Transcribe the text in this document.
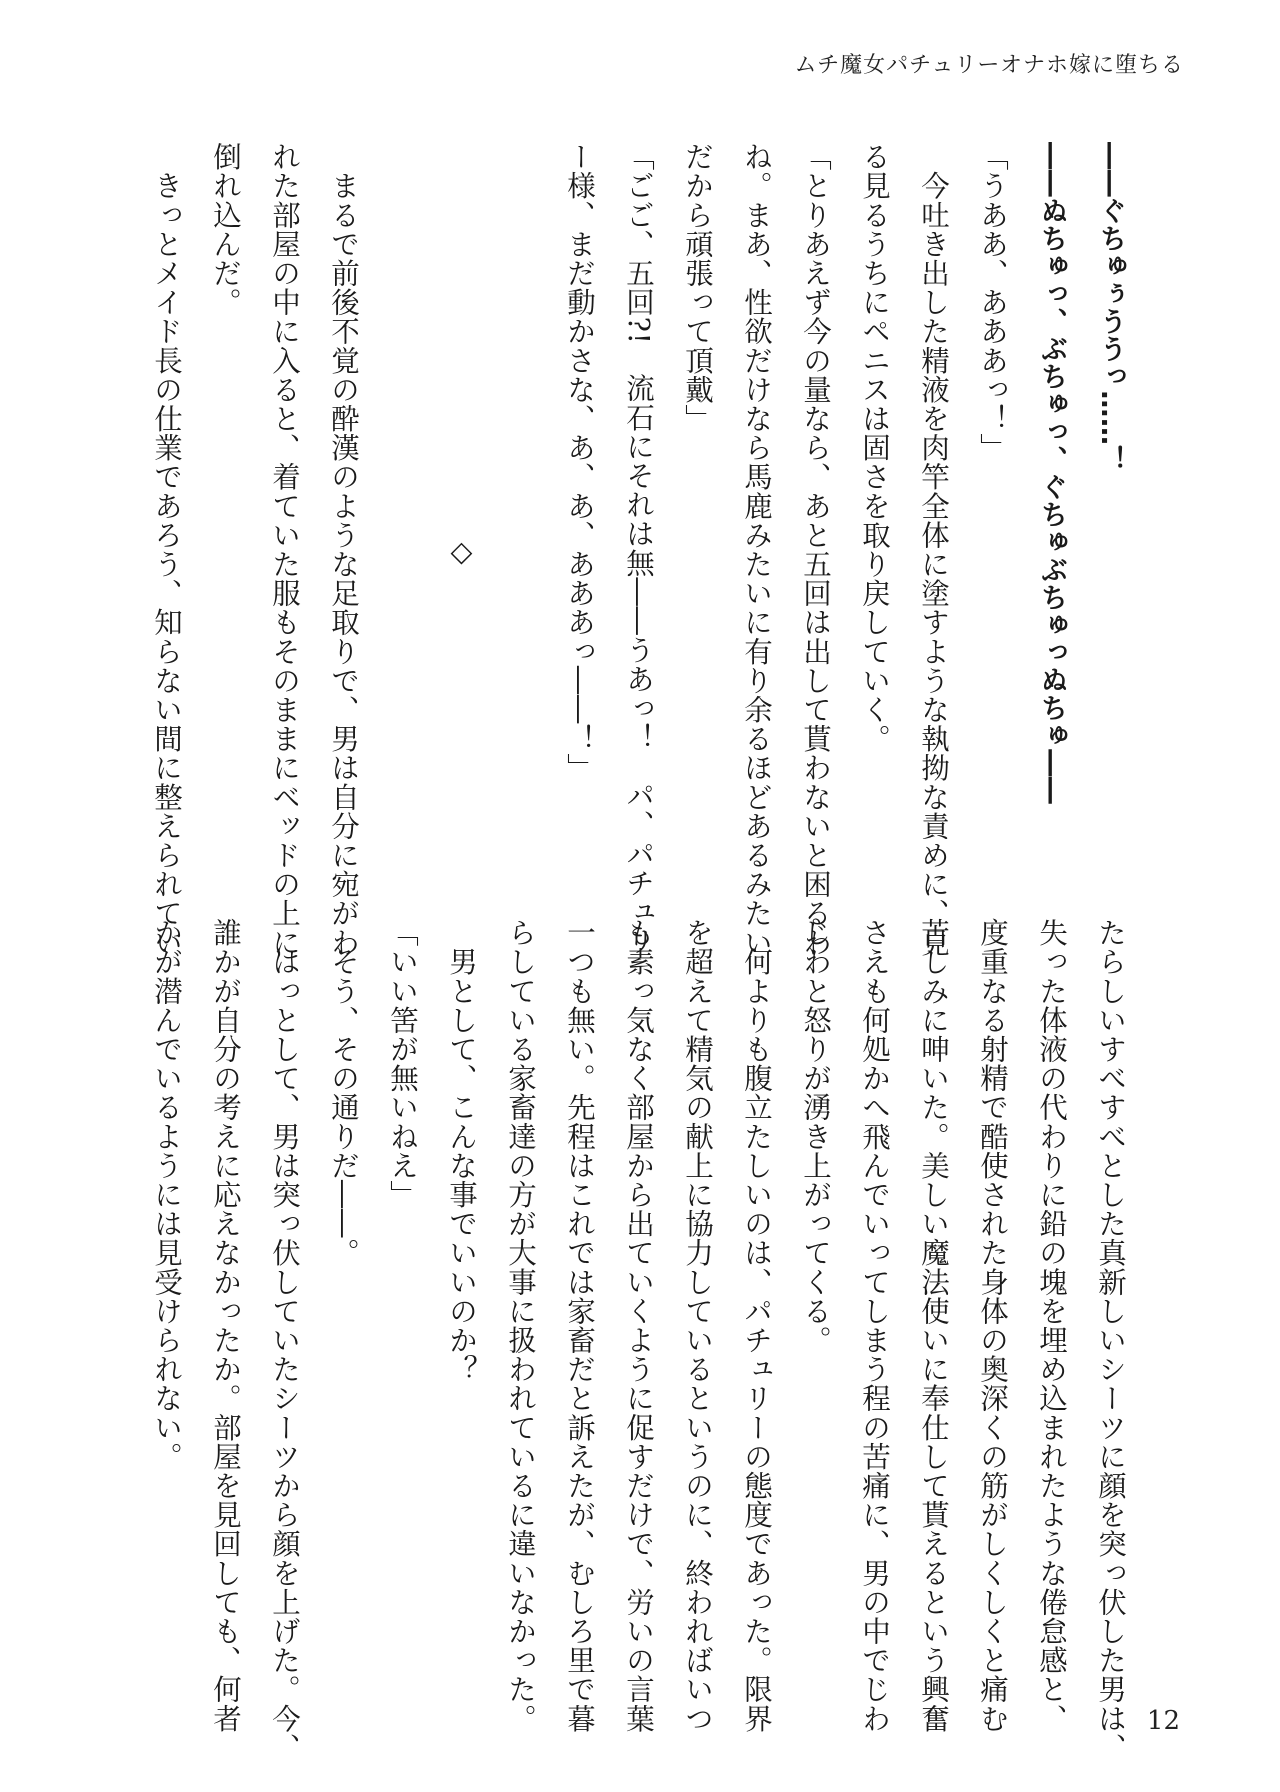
ムチ魔女パチュリーオナホ嫁に堕ちる
――ぐちゅぅううっ……！
――ぬちゅっ、ぶちゅっ、ぐちゅぶちゅっぬちゅ――
「うああ、あああっ！」
　今吐き出した精液を肉竿全体に塗すような執拗な責めに、見
る見るうちにペニスは固さを取り戻していく。
「とりあえず今の量なら、あと五回は出して貰わないと困るわ
ね。まあ、性欲だけなら馬鹿みたいに有り余るほどあるみたい
だから頑張って頂戴」
「ごご、五回?!　流石にそれは無――うあっ！　パ、パチュリ
ー様、まだ動かさな、あ、あ、あああっ――！」

◇

　まるで前後不覚の酔漢のような足取りで、男は自分に宛がわ
れた部屋の中に入ると、着ていた服もそのままにベッドの上に
倒れ込んだ。
　きっとメイド長の仕業であろう、知らない間に整えられてい
たらしいすべすべとした真新しいシーツに顔を突っ伏した男は、
失った体液の代わりに鉛の塊を埋め込まれたような倦怠感と、
度重なる射精で酷使された身体の奥深くの筋がしくしくと痛む
苦しみに呻いた。美しい魔法使いに奉仕して貰えるという興奮
さえも何処かへ飛んでいってしまう程の苦痛に、男の中でじわ
じわと怒りが湧き上がってくる。
　何よりも腹立たしいのは、パチュリーの態度であった。限界
を超えて精気の献上に協力しているというのに、終わればいつ
も素っ気なく部屋から出ていくように促すだけで、労いの言葉
一つも無い。先程はこれでは家畜だと訴えたが、むしろ里で暮
らしている家畜達の方が大事に扱われているに違いなかった。
　男として、こんな事でいいのか？
「いい筈が無いねえ」
　そう、その通りだ――。
　はっとして、男は突っ伏していたシーツから顔を上げた。今、
誰かが自分の考えに応えなかったか。部屋を見回しても、何者
かが潜んでいるようには見受けられない。
12
